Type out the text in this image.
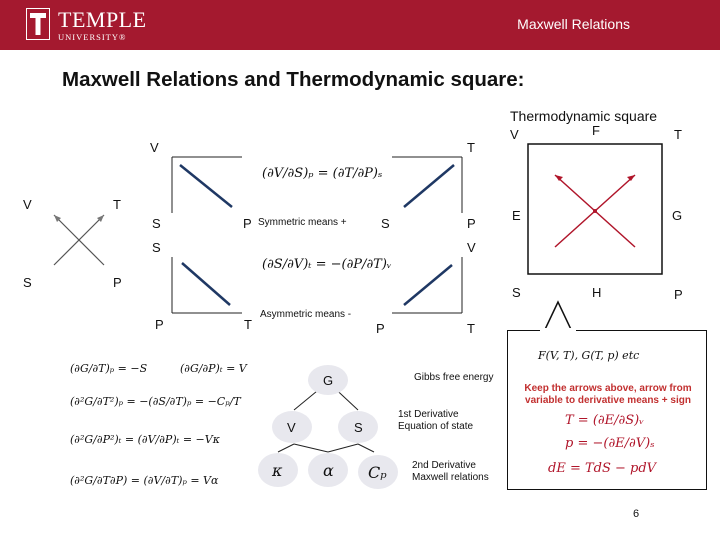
TEMPLE
UNIVERSITY®
Maxwell Relations
Maxwell Relations and Thermodynamic square:
V	T
S	P
V
S	P Symmetric means +
T
S	P
(∂V/∂S)ₚ = (∂T/∂P)ₛ
S
P	T
Asymmetric means -
V
P	T
(∂S/∂V)ₜ = −(∂P/∂T)ᵥ
Thermodynamic square
V	F	T
E	G
S	H	P
(∂G/∂T)ₚ = −S	(∂G/∂P)ₜ = V
(∂²G/∂T²)ₚ = −(∂S/∂T)ₚ = −Cₚ/T
(∂²G/∂P²)ₜ = (∂V/∂P)ₜ = −Vκ
(∂²G/∂T∂P) = (∂V/∂T)ₚ = Vα
G
V	S
κ	α Cₚ
Gibbs free energy
1st Derivative
Equation of state
2nd Derivative
Maxwell relations
F(V, T), G(T, p) etc
Keep the arrows above, arrow from variable to derivative means + sign
T = (∂E/∂S)ᵥ
p = −(∂E/∂V)ₛ
dE = TdS − pdV
6
